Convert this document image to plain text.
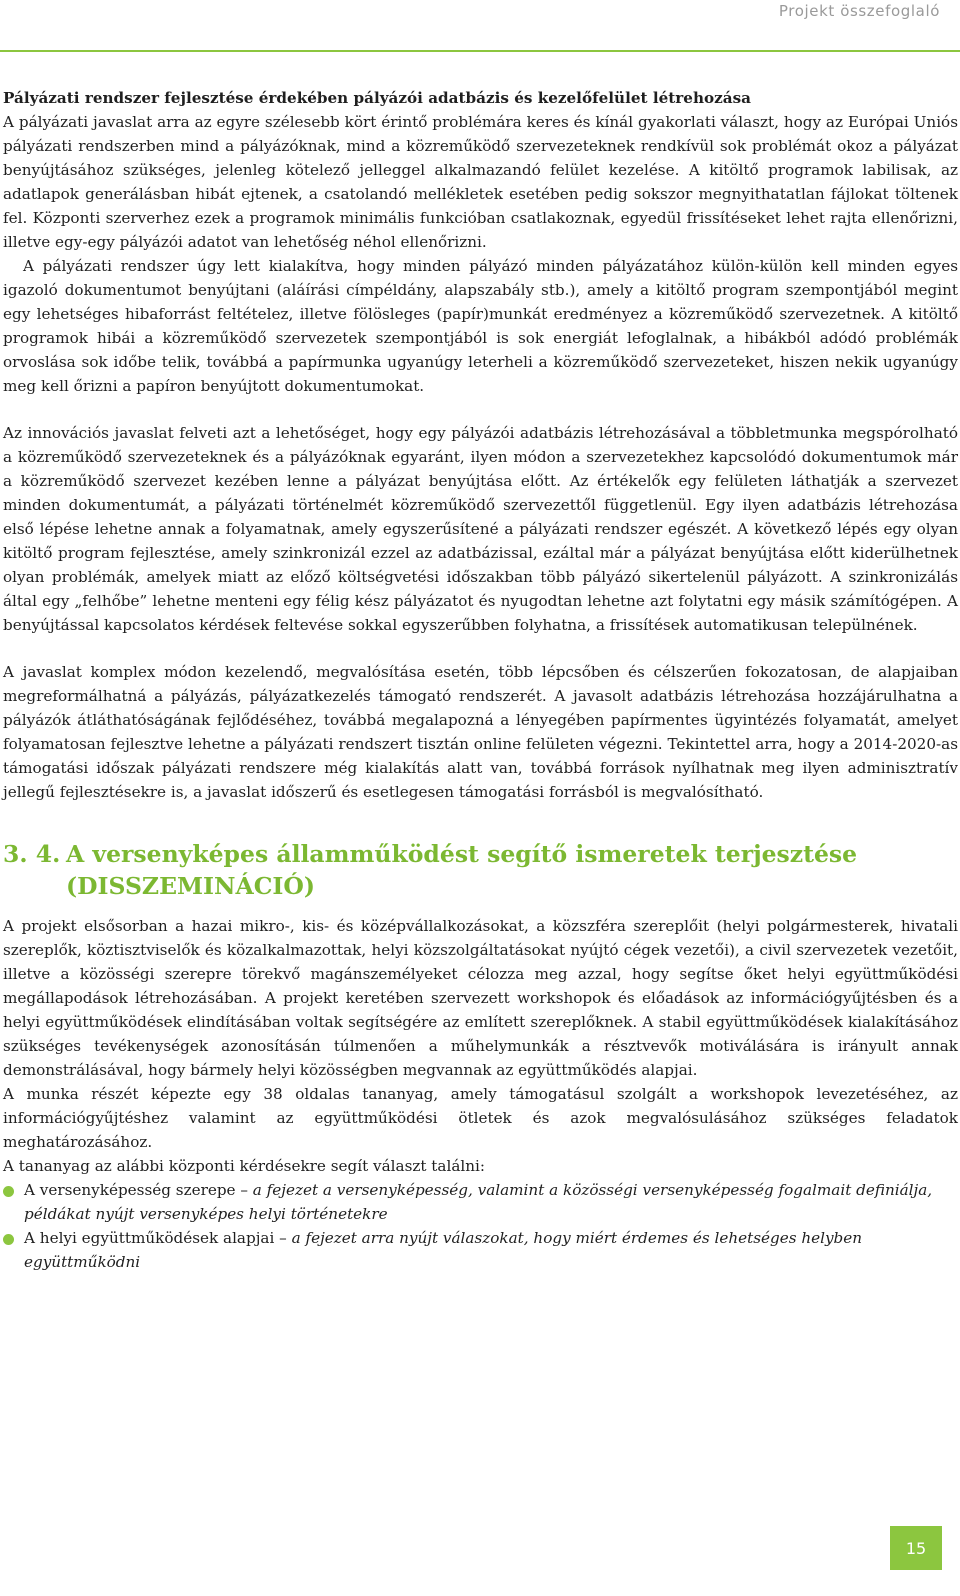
Projekt összefoglaló

Pályázati rendszer fejlesztése érdekében pályázói adatbázis és kezelőfelület létrehozása

A pályázati javaslat arra az egyre szélesebb kört érintő problémára keres és kínál gyakorlati választ, hogy az Európai Uniós pályázati rendszerben mind a pályázóknak, mind a közreműködő szervezeteknek rendkívül sok problémát okoz a pályázat benyújtásához szükséges, jelenleg kötelező jelleggel alkalmazandó felület kezelése. A kitöltő programok labilisak, az adatlapok generálásban hibát ejtenek, a csatolandó mellékletek esetében pedig sokszor megnyithatatlan fájlokat töltenek fel. Központi szerverhez ezek a programok minimális funkcióban csatlakoznak, egyedül frissítéseket lehet rajta ellenőrizni, illetve egy-egy pályázói adatot van lehetőség néhol ellenőrizni.

A pályázati rendszer úgy lett kialakítva, hogy minden pályázó minden pályázatához külön-külön kell minden egyes igazoló dokumentumot benyújtani (aláírási címpéldány, alapszabály stb.), amely a kitöltő program szempontjából megint egy lehetséges hibaforrást feltételez, illetve fölösleges (papír)munkát eredményez a közreműködő szervezetnek. A kitöltő programok hibái a közreműködő szervezetek szempontjából is sok energiát lefoglalnak, a hibákból adódó problémák orvoslása sok időbe telik, továbbá a papírmunka ugyanúgy leterheli a közreműködő szervezeteket, hiszen nekik ugyanúgy meg kell őrizni a papíron benyújtott dokumentumokat.

Az innovációs javaslat felveti azt a lehetőséget, hogy egy pályázói adatbázis létrehozásával a többletmunka megspórolható a közreműködő szervezeteknek és a pályázóknak egyaránt, ilyen módon a szervezetekhez kapcsolódó dokumentumok már a közreműködő szervezet kezében lenne a pályázat benyújtása előtt. Az értékelők egy felületen láthatják a szervezet minden dokumentumát, a pályázati történelmét közreműködő szervezettől függetlenül. Egy ilyen adatbázis létrehozása első lépése lehetne annak a folyamatnak, amely egyszerűsítené a pályázati rendszer egészét. A következő lépés egy olyan kitöltő program fejlesztése, amely szinkronizál ezzel az adatbázissal, ezáltal már a pályázat benyújtása előtt kiderülhetnek olyan problémák, amelyek miatt az előző költségvetési időszakban több pályázó sikertelenül pályázott. A szinkronizálás által egy „felhőbe” lehetne menteni egy félig kész pályázatot és nyugodtan lehetne azt folytatni egy másik számítógépen. A benyújtással kapcsolatos kérdések feltevése sokkal egyszerűbben folyhatna, a frissítések automatikusan települnének.

A javaslat komplex módon kezelendő, megvalósítása esetén, több lépcsőben és célszerűen fokozatosan, de alapjaiban megreformálhatná a pályázás, pályázatkezelés támogató rendszerét. A javasolt adatbázis létrehozása hozzájárulhatna a pályázók átláthatóságának fejlődéséhez, továbbá megalapozná a lényegében papírmentes ügyintézés folyamatát, amelyet folyamatosan fejlesztve lehetne a pályázati rendszert tisztán online felületen végezni. Tekintettel arra, hogy a 2014-2020-as támogatási időszak pályázati rendszere még kialakítás alatt van, továbbá források nyílhatnak meg ilyen adminisztratív jellegű fejlesztésekre is, a javaslat időszerű és esetlegesen támogatási forrásból is megvalósítható.

3. 4. A versenyképes államműködést segítő ismeretek terjesztése (DISSZEMINÁCIÓ)

A projekt elsősorban a hazai mikro-, kis- és középvállalkozásokat, a közszféra szereplőit (helyi polgármesterek, hivatali szereplők, köztisztviselők és közalkalmazottak, helyi közszolgáltatásokat nyújtó cégek vezetői), a civil szervezetek vezetőit, illetve a közösségi szerepre törekvő magánszemélyeket célozza meg azzal, hogy segítse őket helyi együttműködési megállapodások létrehozásában. A projekt keretében szervezett workshopok és előadások az információgyűjtésben és a helyi együttműködések elindításában voltak segítségére az említett szereplőknek. A stabil együttműködések kialakításához szükséges tevékenységek azonosításán túlmenően a műhelymunkák a résztvevők motiválására is irányult annak demonstrálásával, hogy bármely helyi közösségben megvannak az együttműködés alapjai.

A munka részét képezte egy 38 oldalas tananyag, amely támogatásul szolgált a workshopok levezetéséhez, az információgyűjtéshez valamint az együttműködési ötletek és azok megvalósulásához szükséges feladatok meghatározásához.

A tananyag az alábbi központi kérdésekre segít választ találni:

A versenyképesség szerepe – a fejezet a versenyképesség, valamint a közösségi versenyképesség fogalmait definiálja, példákat nyújt versenyképes helyi történetekre
A helyi együttműködések alapjai – a fejezet arra nyújt válaszokat, hogy miért érdemes és lehetséges helyben együttműködni
15
